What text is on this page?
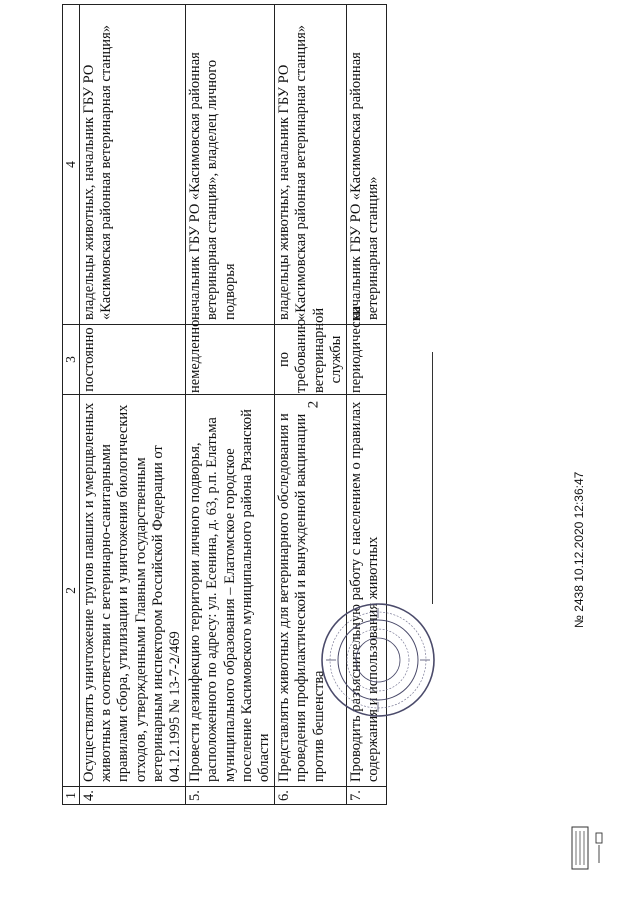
2
1	2	3	4
4.	Осуществлять уничтожение трупов павших и умерщвленных животных в соответствии с ветеринарно-санитарными правилами сбора, утилизации и уничтожения биологических отходов, утвержденными Главным государственным ветеринарным инспектором Российской Федерации от 04.12.1995 № 13-7-2/469	постоянно	владельцы животных, начальник ГБУ РО «Касимовская районная ветеринарная станция»
5.	Провести дезинфекцию территории личного подворья, расположенного по адресу: ул. Есенина, д. 63, р.п. Елатьма муниципального образования – Елатомское городское поселение Касимовского муниципального района Рязанской области	немедленно	начальник ГБУ РО «Касимовская районная ветеринарная станция», владелец личного подворья
6.	Представлять животных для ветеринарного обследования и проведения профилактической и вынужденной вакцинации против бешенства	по требованию ветеринарной службы	владельцы животных, начальник ГБУ РО «Касимовская районная ветеринарная станция»
7.	Проводить разъяснительную работу с населением о правилах содержания и использования животных	периодически	начальник ГБУ РО «Касимовская районная ветеринарная станция»
№ 2438 10.12.2020 12:36:47
